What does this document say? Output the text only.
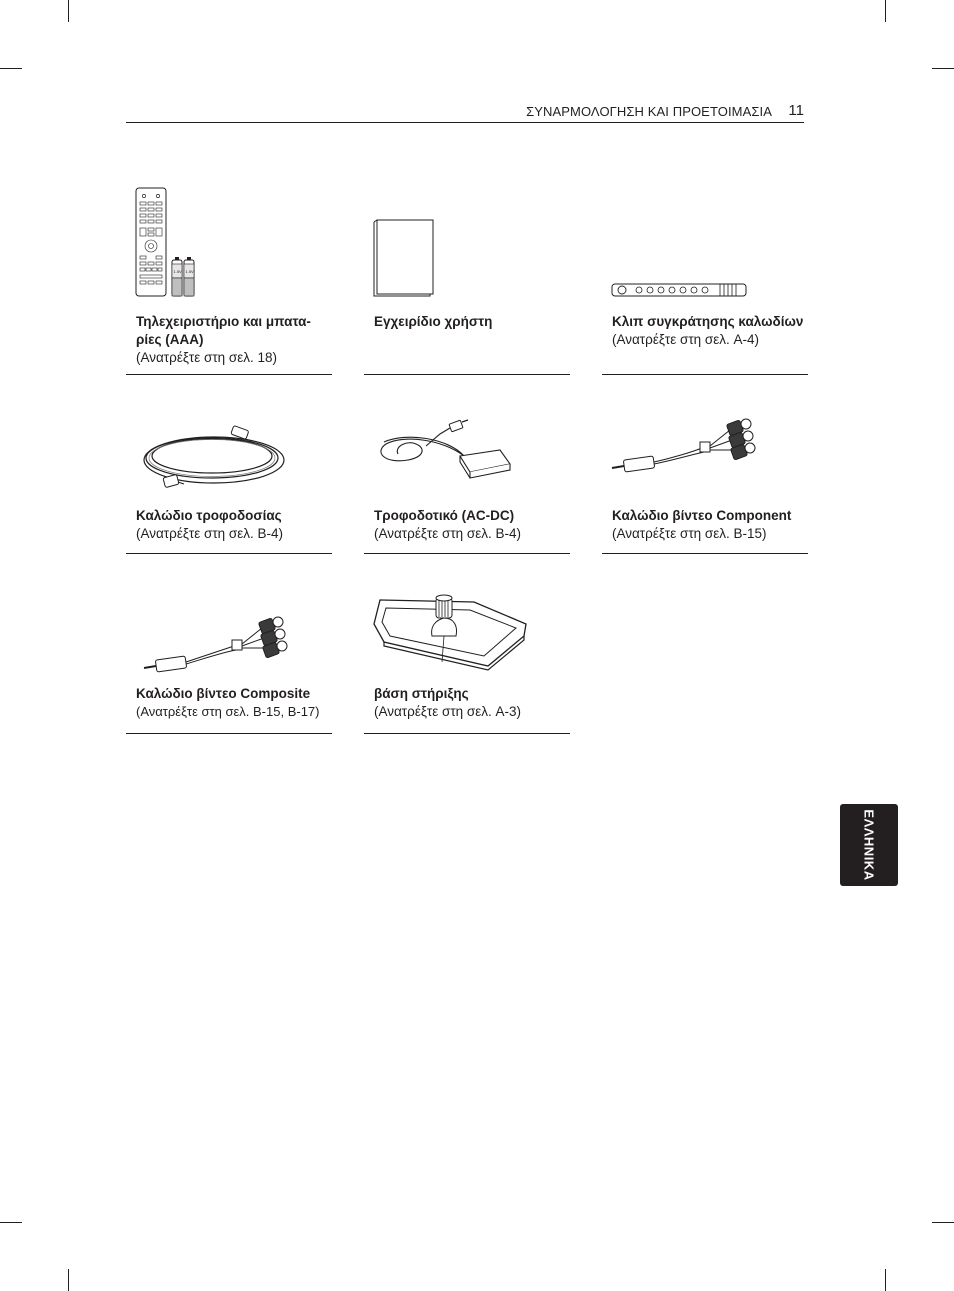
ΣΥΝΑΡΜΟΛΟΓΗΣΗ ΚΑΙ ΠΡΟΕΤΟΙΜΑΣΙΑ 11
1.5V 1.5V
Τηλεχειριστήριο και μπατα-
ρίες (AAA)
(Ανατρέξτε στη σελ. 18)
Εγχειρίδιο χρήστη	Κλιπ συγκράτησης καλωδίων
(Ανατρέξτε στη σελ. A-4)
Καλώδιο τροφοδοσίας
(Ανατρέξτε στη σελ. B-4)
Τροφοδοτικό (AC-DC)
(Ανατρέξτε στη σελ. B-4)
Καλώδιο βίντεο Component
(Ανατρέξτε στη σελ. B-15)
Καλώδιο βίντεο Composite
(Ανατρέξτε στη σελ. B-15, B-17)
βάση στήριξης
(Ανατρέξτε στη σελ. A-3)
ΕΛΛΗΝΙΚΑ
